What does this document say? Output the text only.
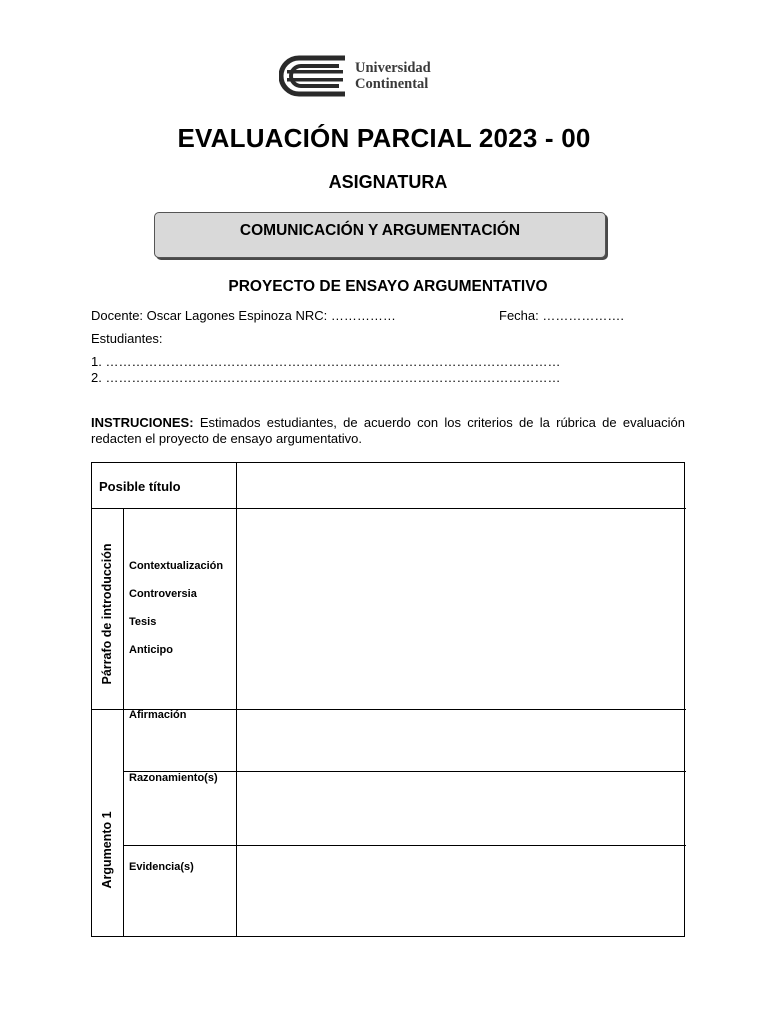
Universidad
Continental
EVALUACIÓN PARCIAL 2023 - 00
ASIGNATURA
COMUNICACIÓN Y ARGUMENTACIÓN
PROYECTO DE ENSAYO ARGUMENTATIVO
Docente: Oscar Lagones Espinoza NRC: ……………	Fecha: ……………….
Estudiantes:
1. ……………………………………………………………………………………………
2. ……………………………………………………………………………………………
INSTRUCIONES: Estimados estudiantes, de acuerdo con los criterios de la rúbrica de evaluación redacten el proyecto de ensayo argumentativo.
Posible título
Párrafo de introducción Contextualización
Controversia
Tesis
Anticipo
Argumento 1
Afirmación
Razonamiento(s)
Evidencia(s)
